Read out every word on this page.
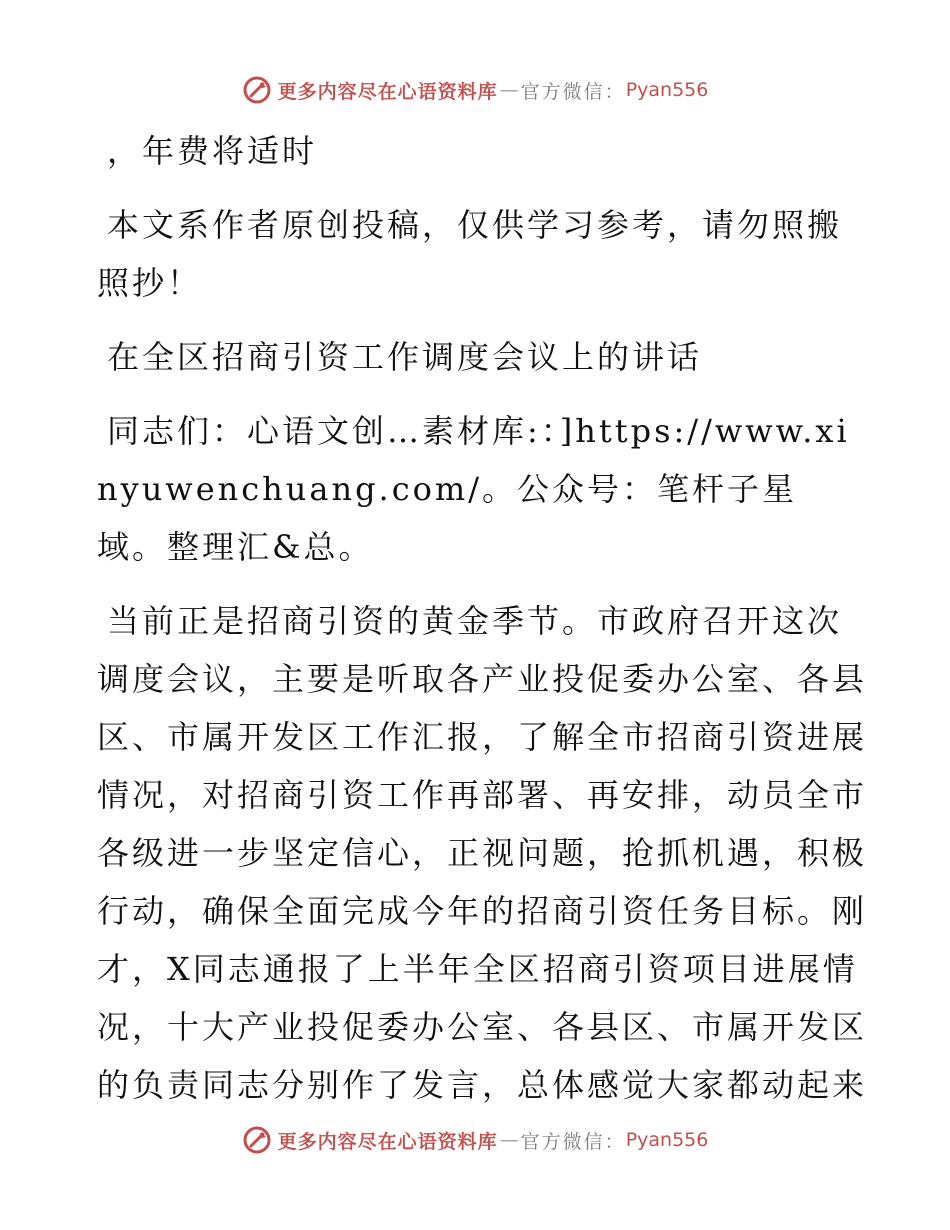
更多内容尽在心语资料库 — 官方微信： Pyan556

，年费将适时

本文系作者原创投稿，仅供学习参考，请勿照搬照抄！

在全区招商引资工作调度会议上的讲话

同志们：心语文创…素材库:：]https://www.xinyuwenchuang.com/。公众号：笔杆子星域。整理汇&总。

当前正是招商引资的黄金季节。市政府召开这次调度会议，主要是听取各产业投促委办公室、各县区、市属开发区工作汇报，了解全市招商引资进展情况，对招商引资工作再部署、再安排，动员全市各级进一步坚定信心，正视问题，抢抓机遇，积极行动，确保全面完成今年的招商引资任务目标。刚才，X同志通报了上半年全区招商引资项目进展情况，十大产业投促委办公室、各县区、市属开发区的负责同志分别作了发言，总体感觉大家都动起来

更多内容尽在心语资料库 — 官方微信： Pyan556
